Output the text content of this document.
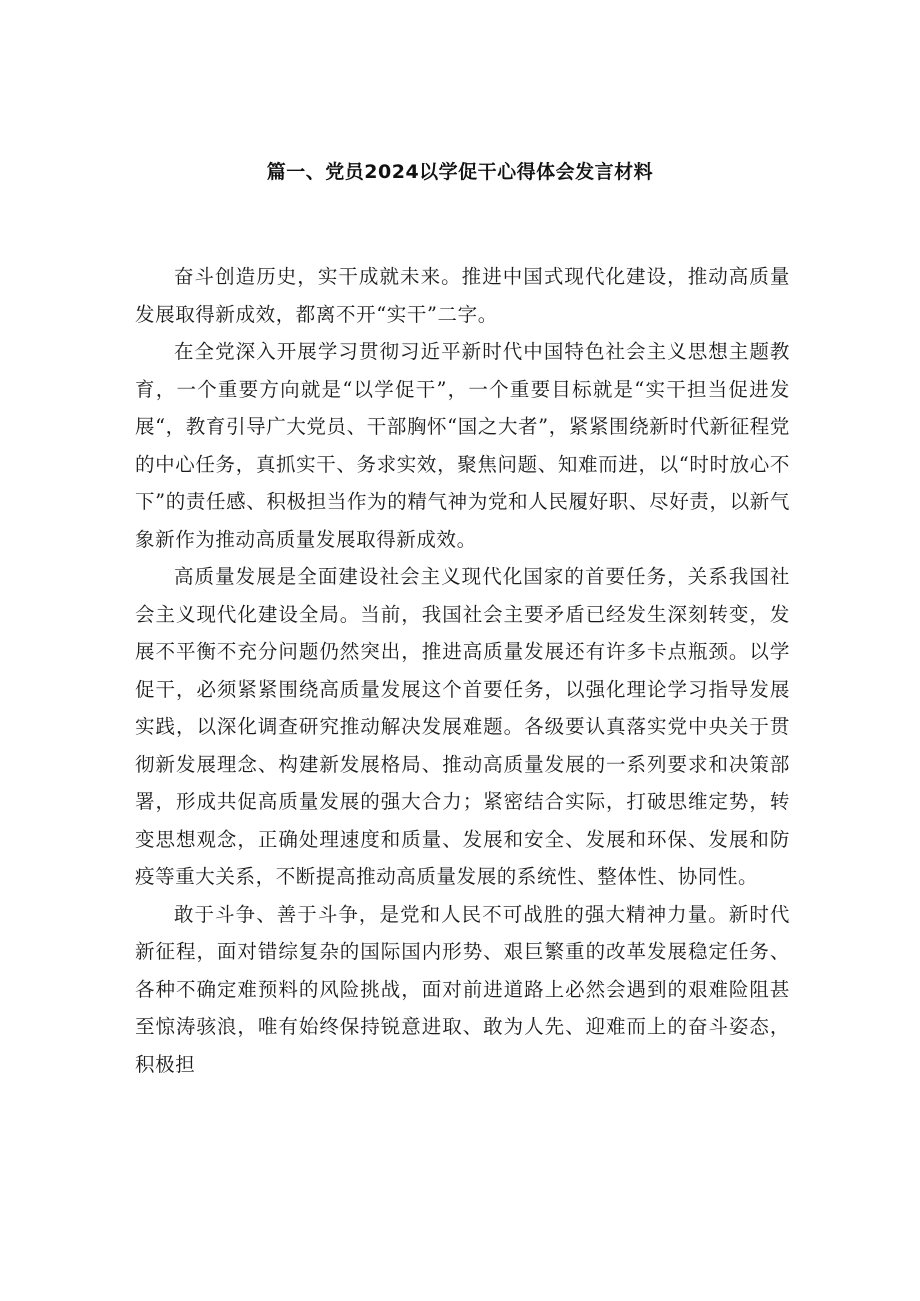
篇一、党员2024以学促干心得体会发言材料

奋斗创造历史，实干成就未来。推进中国式现代化建设，推动高质量发展取得新成效，都离不开“实干”二字。

在全党深入开展学习贯彻习近平新时代中国特色社会主义思想主题教育，一个重要方向就是“以学促干”，一个重要目标就是“实干担当促进发展“，教育引导广大党员、干部胸怀“国之大者”，紧紧围绕新时代新征程党的中心任务，真抓实干、务求实效，聚焦问题、知难而进，以“时时放心不下”的责任感、积极担当作为的精气神为党和人民履好职、尽好责，以新气象新作为推动高质量发展取得新成效。

高质量发展是全面建设社会主义现代化国家的首要任务，关系我国社会主义现代化建设全局。当前，我国社会主要矛盾已经发生深刻转变，发展不平衡不充分问题仍然突出，推进高质量发展还有许多卡点瓶颈。以学促干，必须紧紧围绕高质量发展这个首要任务，以强化理论学习指导发展实践，以深化调查研究推动解决发展难题。各级要认真落实党中央关于贯彻新发展理念、构建新发展格局、推动高质量发展的一系列要求和决策部署，形成共促高质量发展的强大合力；紧密结合实际，打破思维定势，转变思想观念，正确处理速度和质量、发展和安全、发展和环保、发展和防疫等重大关系，不断提高推动高质量发展的系统性、整体性、协同性。

敢于斗争、善于斗争，是党和人民不可战胜的强大精神力量。新时代新征程，面对错综复杂的国际国内形势、艰巨繁重的改革发展稳定任务、各种不确定难预料的风险挑战，面对前进道路上必然会遇到的艰难险阻甚至惊涛骇浪，唯有始终保持锐意进取、敢为人先、迎难而上的奋斗姿态，积极担
